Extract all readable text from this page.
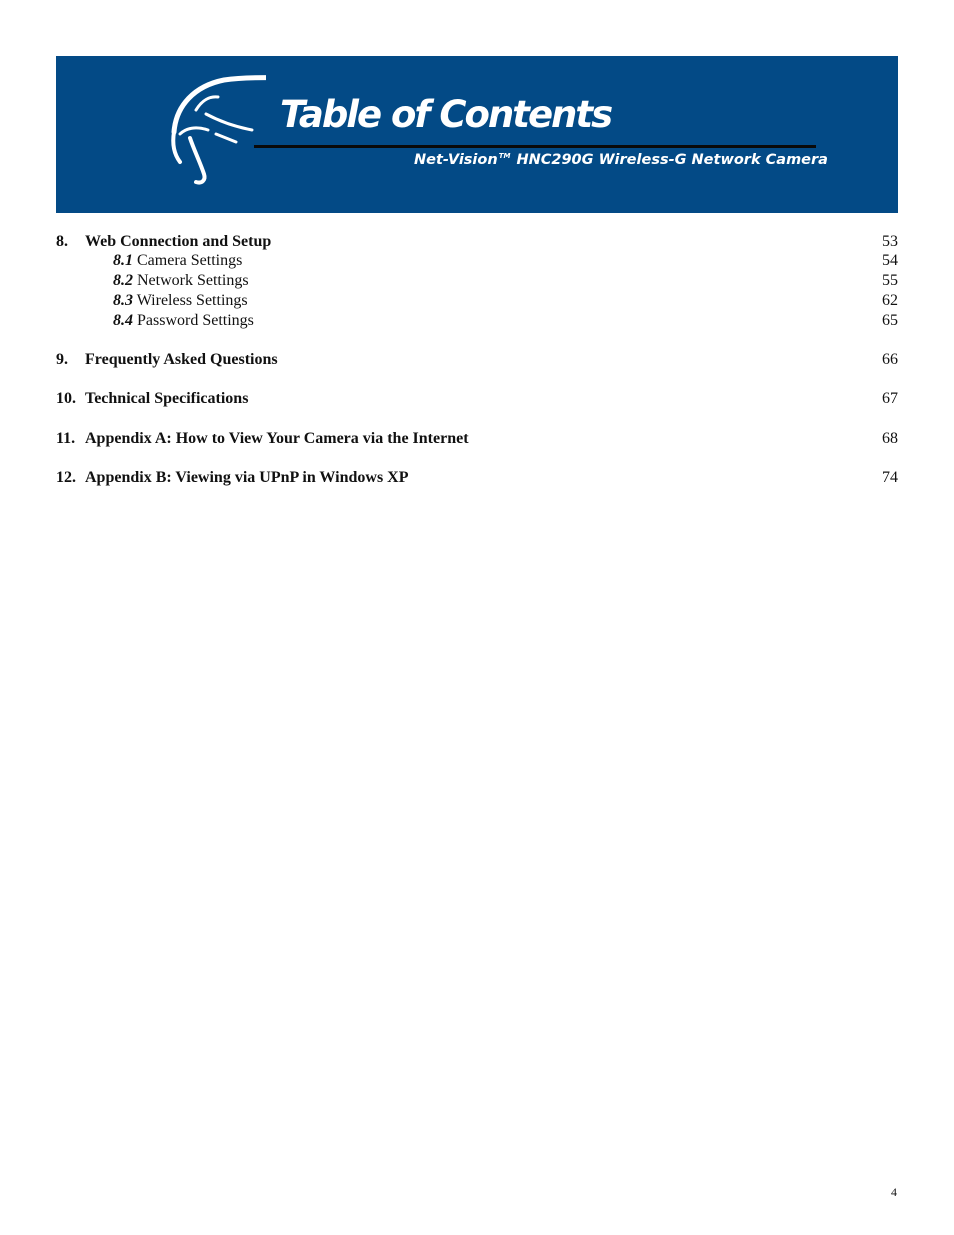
Table of Contents
Net-Vision™ HNC290G Wireless-G Network Camera
8. Web Connection and Setup	53
8.1 Camera Settings	54
8.2 Network Settings	55
8.3 Wireless Settings	62
8.4 Password Settings	65
9. Frequently Asked Questions	66
10. Technical Specifications	67
11. Appendix A: How to View Your Camera via the Internet	68
12. Appendix B: Viewing via UPnP in Windows XP	74
4
